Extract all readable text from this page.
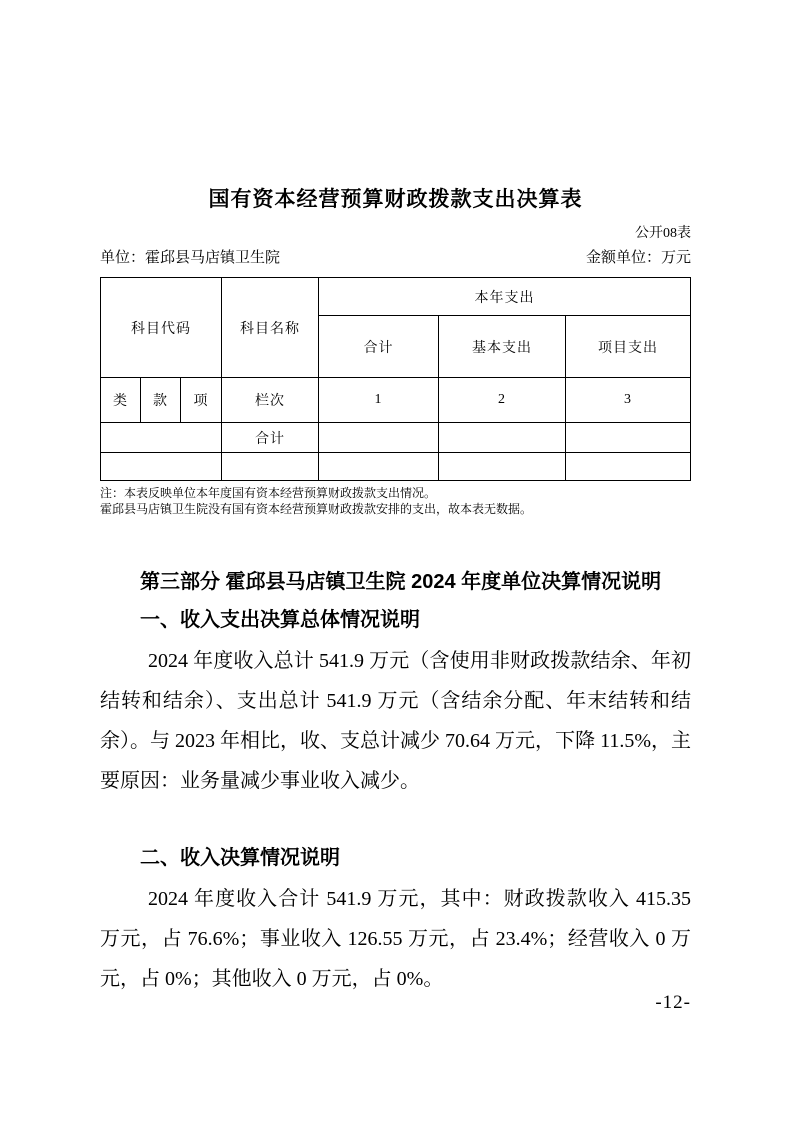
国有资本经营预算财政拨款支出决算表
公开08表
单位：霍邱县马店镇卫生院	金额单位：万元
科目代码			科目名称	本年支出		
				合计	基本支出	项目支出
类	款	项	栏次	1	2	3
			合计			

注：本表反映单位本年度国有资本经营预算财政拨款支出情况。
霍邱县马店镇卫生院没有国有资本经营预算财政拨款安排的支出，故本表无数据。
第三部分 霍邱县马店镇卫生院 2024 年度单位决算情况说明
一、收入支出决算总体情况说明
2024 年度收入总计 541.9 万元（含使用非财政拨款结余、年初结转和结余）、支出总计 541.9 万元（含结余分配、年末结转和结余）。与 2023 年相比，收、支总计减少 70.64 万元，下降 11.5%，主要原因：业务量减少事业收入减少。
二、收入决算情况说明
2024 年度收入合计 541.9 万元，其中：财政拨款收入 415.35 万元，占 76.6%；事业收入 126.55 万元，占 23.4%；经营收入 0 万元，占 0%；其他收入 0 万元，占 0%。
-12-
